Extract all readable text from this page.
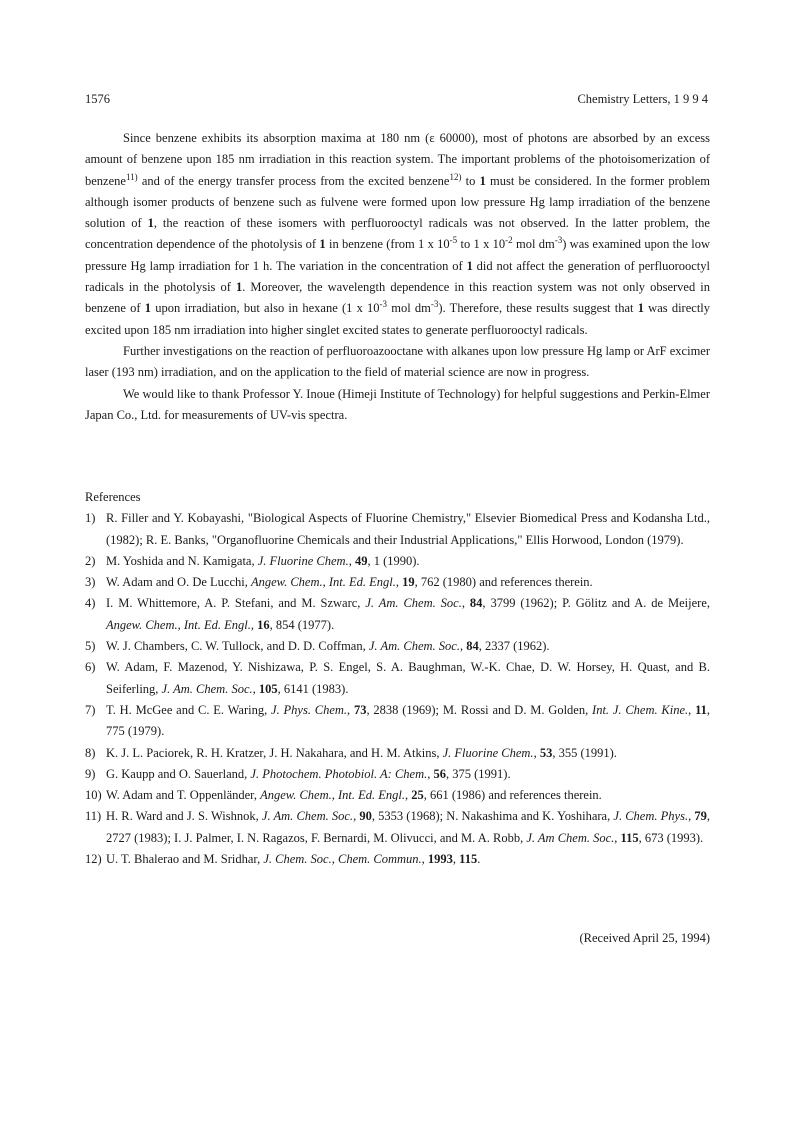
1576	Chemistry Letters, 1 9 9 4

Since benzene exhibits its absorption maxima at 180 nm (ε 60000), most of photons are absorbed by an excess amount of benzene upon 185 nm irradiation in this reaction system. The important problems of the photoisomerization of benzene$^{11)}$ and of the energy transfer process from the excited benzene$^{12)}$ to 1 must be considered. In the former problem although isomer products of benzene such as fulvene were formed upon low pressure Hg lamp irradiation of the benzene solution of 1, the reaction of these isomers with perfluorooctyl radicals was not observed. In the latter problem, the concentration dependence of the photolysis of 1 in benzene (from 1 x $10^{-5}$ to 1 x $10^{-2}$ mol $dm^{-3}$) was examined upon the low pressure Hg lamp irradiation for 1 h. The variation in the concentration of 1 did not affect the generation of perfluorooctyl radicals in the photolysis of 1. Moreover, the wavelength dependence in this reaction system was not only observed in benzene of 1 upon irradiation, but also in hexane (1 x $10^{-3}$ mol $dm^{-3}$). Therefore, these results suggest that 1 was directly excited upon 185 nm irradiation into higher singlet excited states to generate perfluorooctyl radicals.

Further investigations on the reaction of perfluoroazooctane with alkanes upon low pressure Hg lamp or ArF excimer laser (193 nm) irradiation, and on the application to the field of material science are now in progress.

We would like to thank Professor Y. Inoue (Himeji Institute of Technology) for helpful suggestions and Perkin-Elmer Japan Co., Ltd. for measurements of UV-vis spectra.

References

1) R. Filler and Y. Kobayashi, "Biological Aspects of Fluorine Chemistry," Elsevier Biomedical Press and Kodansha Ltd., (1982); R. E. Banks, "Organofluorine Chemicals and their Industrial Applications," Ellis Horwood, London (1979).
2) M. Yoshida and N. Kamigata, J. Fluorine Chem., 49, 1 (1990).
3) W. Adam and O. De Lucchi, Angew. Chem., Int. Ed. Engl., 19, 762 (1980) and references therein.
4) I. M. Whittemore, A. P. Stefani, and M. Szwarc, J. Am. Chem. Soc., 84, 3799 (1962); P. Gölitz and A. de Meijere, Angew. Chem., Int. Ed. Engl., 16, 854 (1977).
5) W. J. Chambers, C. W. Tullock, and D. D. Coffman, J. Am. Chem. Soc., 84, 2337 (1962).
6) W. Adam, F. Mazenod, Y. Nishizawa, P. S. Engel, S. A. Baughman, W.-K. Chae, D. W. Horsey, H. Quast, and B. Seiferling, J. Am. Chem. Soc., 105, 6141 (1983).
7) T. H. McGee and C. E. Waring, J. Phys. Chem., 73, 2838 (1969); M. Rossi and D. M. Golden, Int. J. Chem. Kine., 11, 775 (1979).
8) K. J. L. Paciorek, R. H. Kratzer, J. H. Nakahara, and H. M. Atkins, J. Fluorine Chem., 53, 355 (1991).
9) G. Kaupp and O. Sauerland, J. Photochem. Photobiol. A: Chem., 56, 375 (1991).
10) W. Adam and T. Oppenländer, Angew. Chem., Int. Ed. Engl., 25, 661 (1986) and references therein.
11) H. R. Ward and J. S. Wishnok, J. Am. Chem. Soc., 90, 5353 (1968); N. Nakashima and K. Yoshihara, J. Chem. Phys., 79, 2727 (1983); I. J. Palmer, I. N. Ragazos, F. Bernardi, M. Olivucci, and M. A. Robb, J. Am Chem. Soc., 115, 673 (1993).
12) U. T. Bhalerao and M. Sridhar, J. Chem. Soc., Chem. Commun., 1993, 115.
(Received April 25, 1994)
